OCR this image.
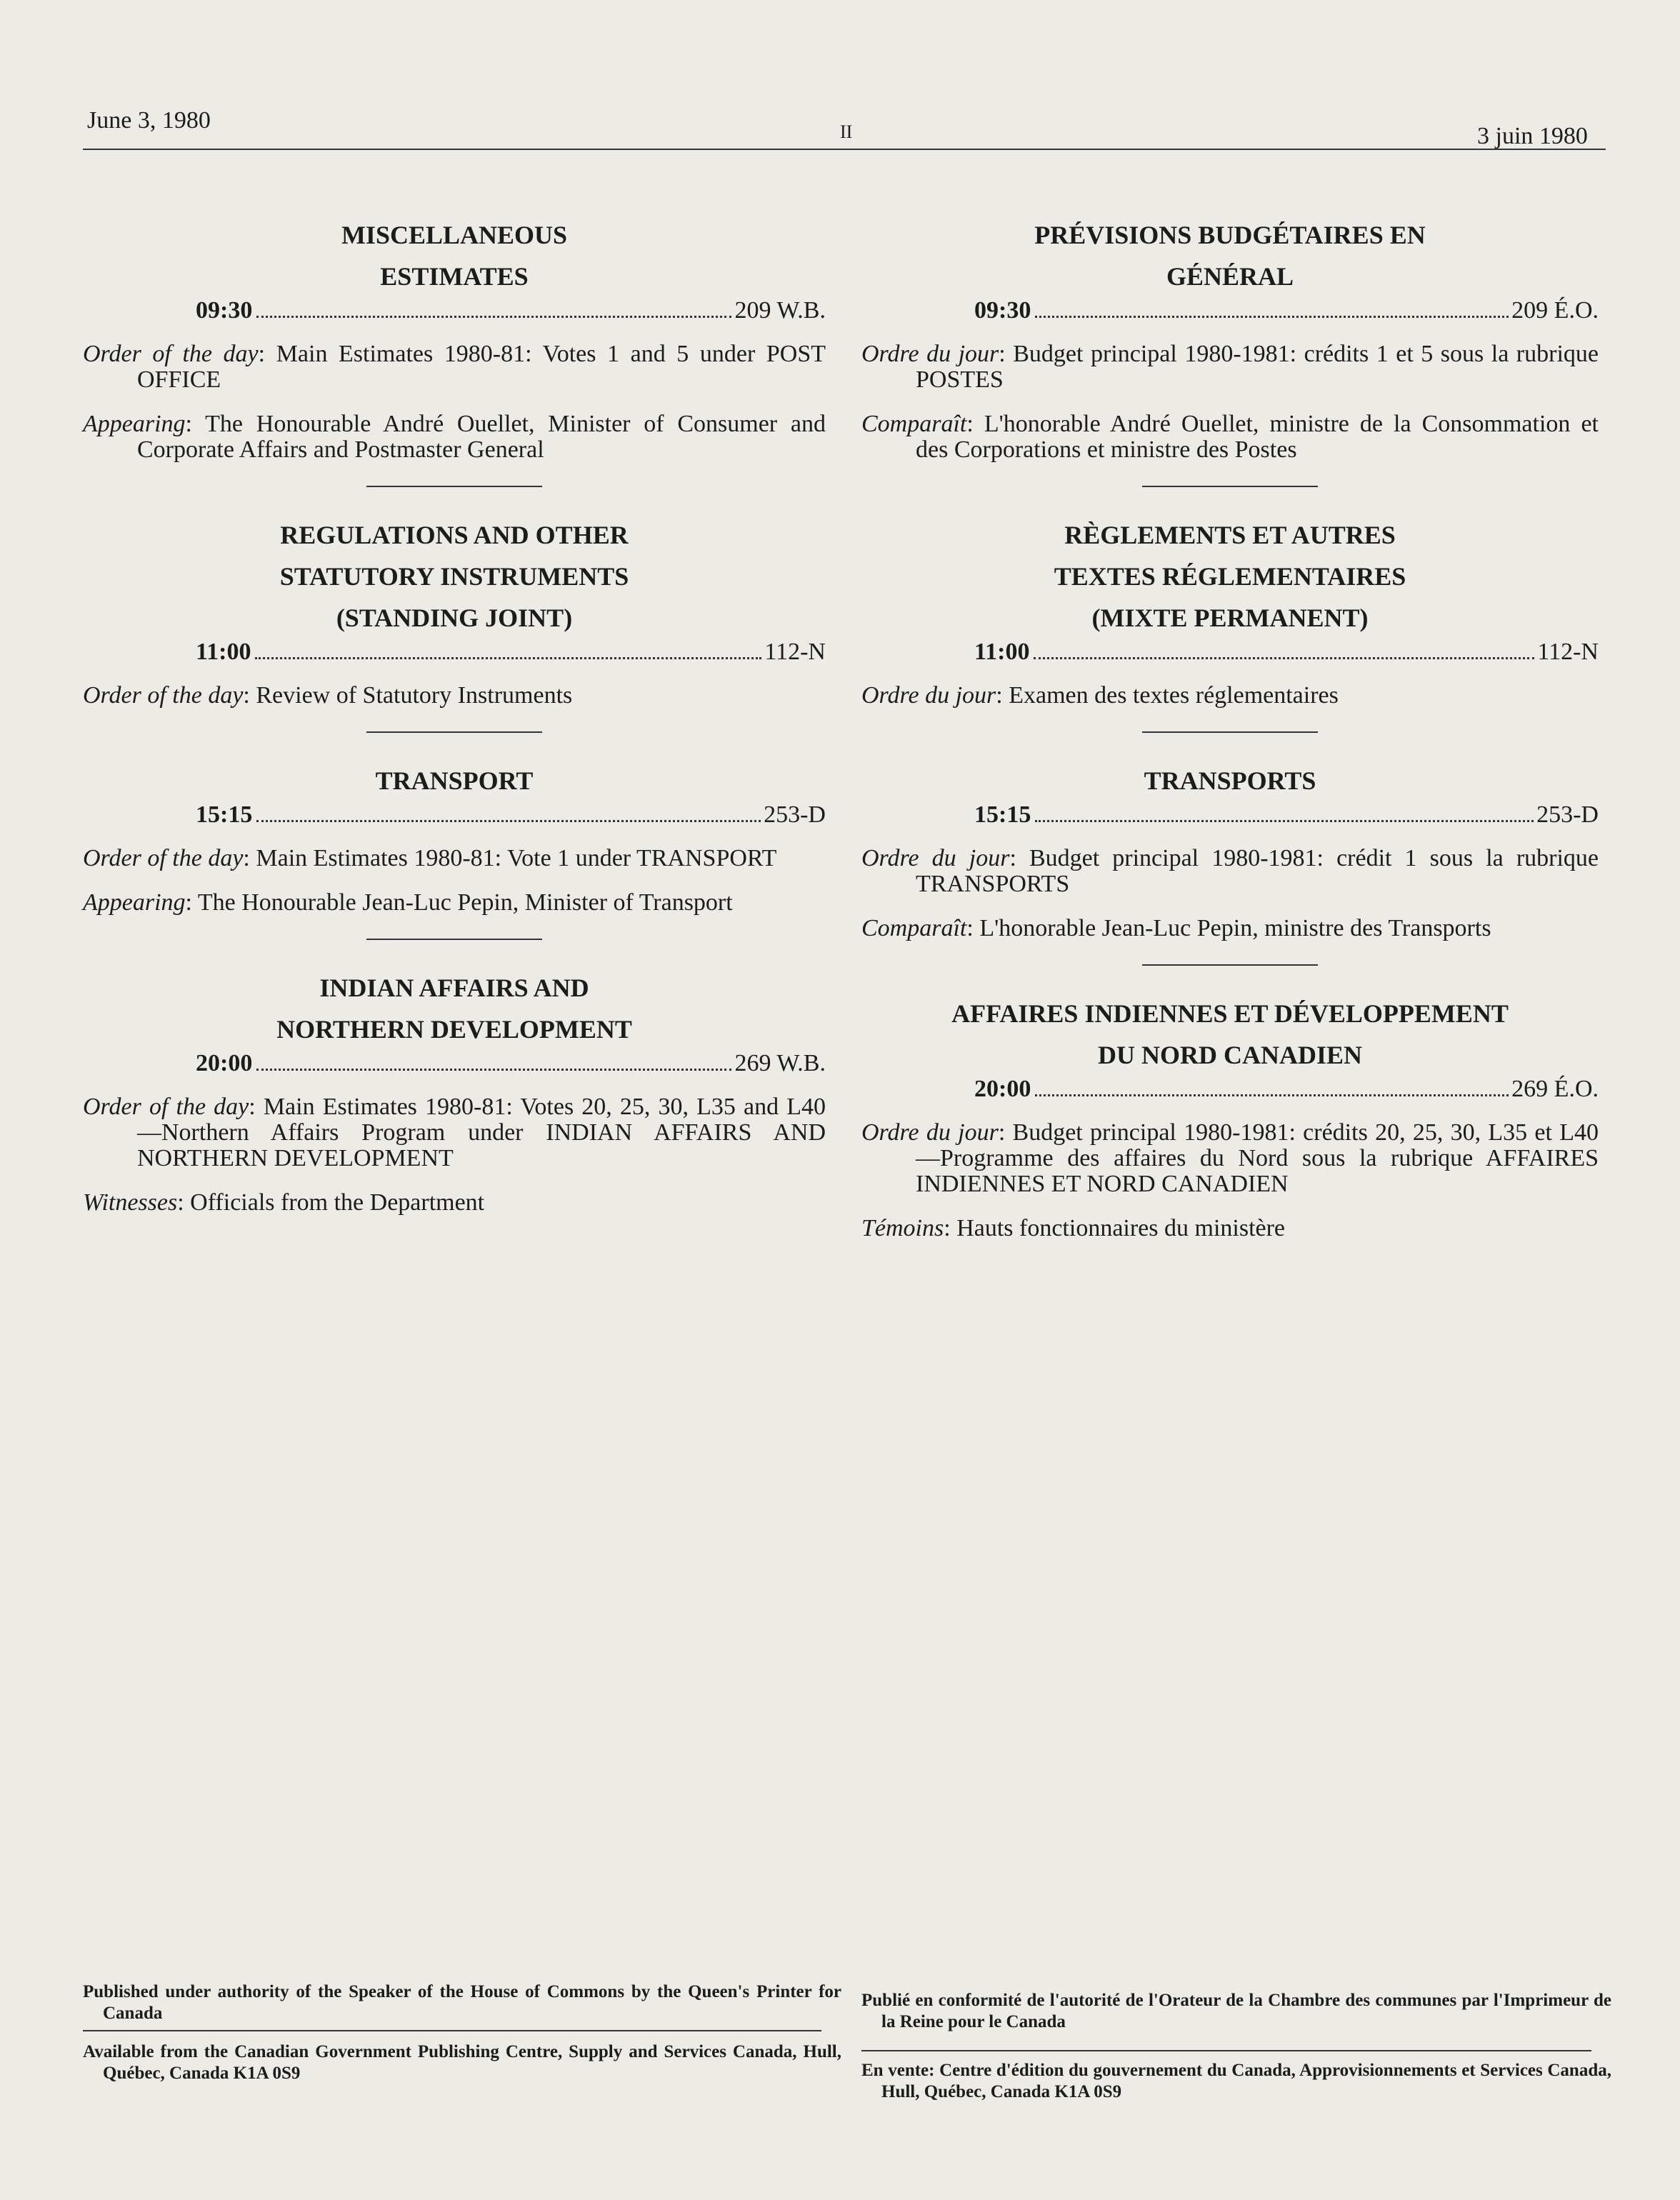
June 3, 1980	II	3 juin 1980
MISCELLANEOUS
ESTIMATES
09:30	209 W.B.
Order of the day: Main Estimates 1980-81: Votes 1 and 5 under POST OFFICE
Appearing: The Honourable André Ouellet, Minister of Consumer and Corporate Affairs and Postmaster General
REGULATIONS AND OTHER
STATUTORY INSTRUMENTS
(STANDING JOINT)
11:00	112-N
Order of the day: Review of Statutory Instruments
TRANSPORT
15:15	253-D
Order of the day: Main Estimates 1980-81: Vote 1 under TRANSPORT
Appearing: The Honourable Jean-Luc Pepin, Minister of Transport
INDIAN AFFAIRS AND
NORTHERN DEVELOPMENT
20:00	269 W.B.
Order of the day: Main Estimates 1980-81: Votes 20, 25, 30, L35 and L40—Northern Affairs Program under INDIAN AFFAIRS AND NORTHERN DEVELOPMENT
Witnesses: Officials from the Department
PRÉVISIONS BUDGÉTAIRES EN
GÉNÉRAL
09:30	209 É.O.
Ordre du jour: Budget principal 1980-1981: crédits 1 et 5 sous la rubrique POSTES
Comparaît: L'honorable André Ouellet, ministre de la Consommation et des Corporations et ministre des Postes
RÈGLEMENTS ET AUTRES
TEXTES RÉGLEMENTAIRES
(MIXTE PERMANENT)
11:00	112-N
Ordre du jour: Examen des textes réglementaires
TRANSPORTS
15:15	253-D
Ordre du jour: Budget principal 1980-1981: crédit 1 sous la rubrique TRANSPORTS
Comparaît: L'honorable Jean-Luc Pepin, ministre des Transports
AFFAIRES INDIENNES ET DÉVELOPPEMENT
DU NORD CANADIEN
20:00	269 É.O.
Ordre du jour: Budget principal 1980-1981: crédits 20, 25, 30, L35 et L40—Programme des affaires du Nord sous la rubrique AFFAIRES INDIENNES ET NORD CANADIEN
Témoins: Hauts fonctionnaires du ministère
Published under authority of the Speaker of the House of Commons by the Queen's Printer for Canada
Available from the Canadian Government Publishing Centre, Supply and Services Canada, Hull, Québec, Canada K1A 0S9
Publié en conformité de l'autorité de l'Orateur de la Chambre des communes par l'Imprimeur de la Reine pour le Canada
En vente: Centre d'édition du gouvernement du Canada, Approvisionnements et Services Canada, Hull, Québec, Canada K1A 0S9
